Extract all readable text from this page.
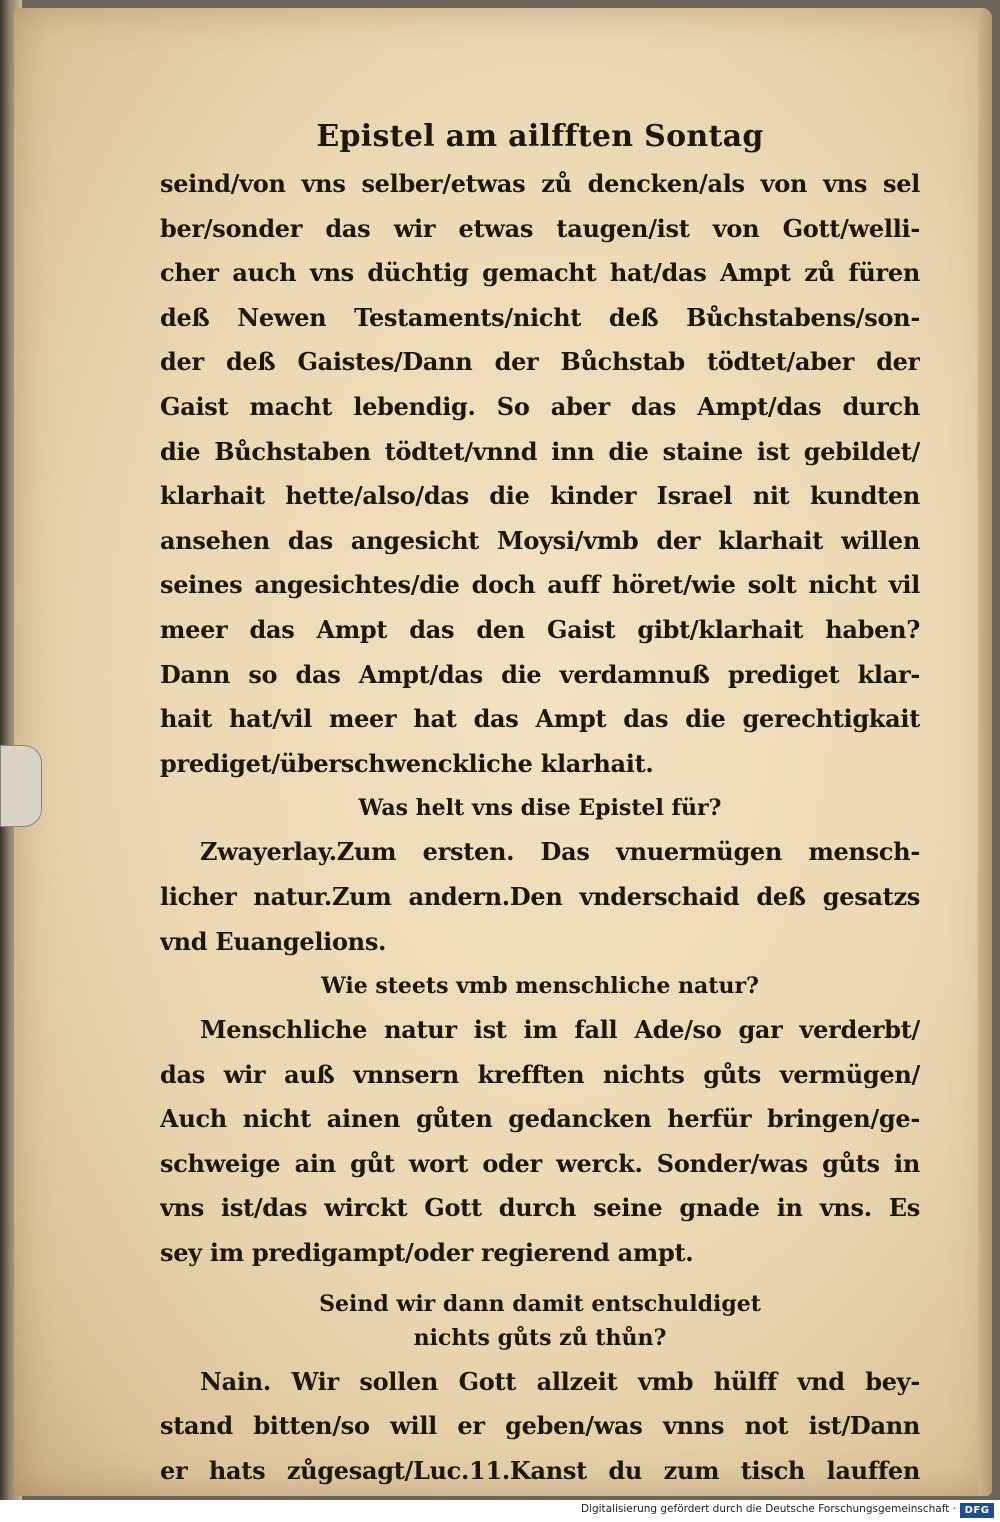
Epistel am ailfften Sontag
seind/von vns selber/etwas zů dencken/als von vns sel
ber/sonder das wir etwas taugen/ist von Gott/welli‑
cher auch vns düchtig gemacht hat/das Ampt zů füren
deß Newen Testaments/nicht deß Bůchstabens/son‑
der deß Gaistes/Dann der Bůchstab tödtet/aber der
Gaist macht lebendig. So aber das Ampt/das durch
die Bůchstaben tödtet/vnnd inn die staine ist gebildet/
klarhait hette/also/das die kinder Israel nit kundten
ansehen das angesicht Moysi/vmb der klarhait willen
seines angesichtes/die doch auff höret/wie solt nicht vil
meer das Ampt das den Gaist gibt/klarhait haben?
Dann so das Ampt/das die verdamnuß prediget klar‑
hait hat/vil meer hat das Ampt das die gerechtigkait
prediget/überschwenckliche klarhait.
Was helt vns dise Epistel für?
Zwayerlay.Zum ersten. Das vnuermügen mensch‑
licher natur.Zum andern.Den vnderschaid deß gesatzs
vnd Euangelions.
Wie steets vmb menschliche natur?
Menschliche natur ist im fall Ade/so gar verderbt/
das wir auß vnnsern krefften nichts gůts vermügen/
Auch nicht ainen gůten gedancken herfür bringen/ge‑
schweige ain gůt wort oder werck. Sonder/was gůts in
vns ist/das wirckt Gott durch seine gnade in vns. Es
sey im predigampt/oder regierend ampt.
Seind wir dann damit entschuldiget
nichts gůts zů thůn?
Nain. Wir sollen Gott allzeit vmb hülff vnd bey‑
stand bitten/so will er geben/was vnns not ist/Dann
er hats zůgesagt/Luc.11.Kanst du zum tisch lauffen
Digitalisierung gefördert durch die Deutsche Forschungsgemeinschaft · DFG
